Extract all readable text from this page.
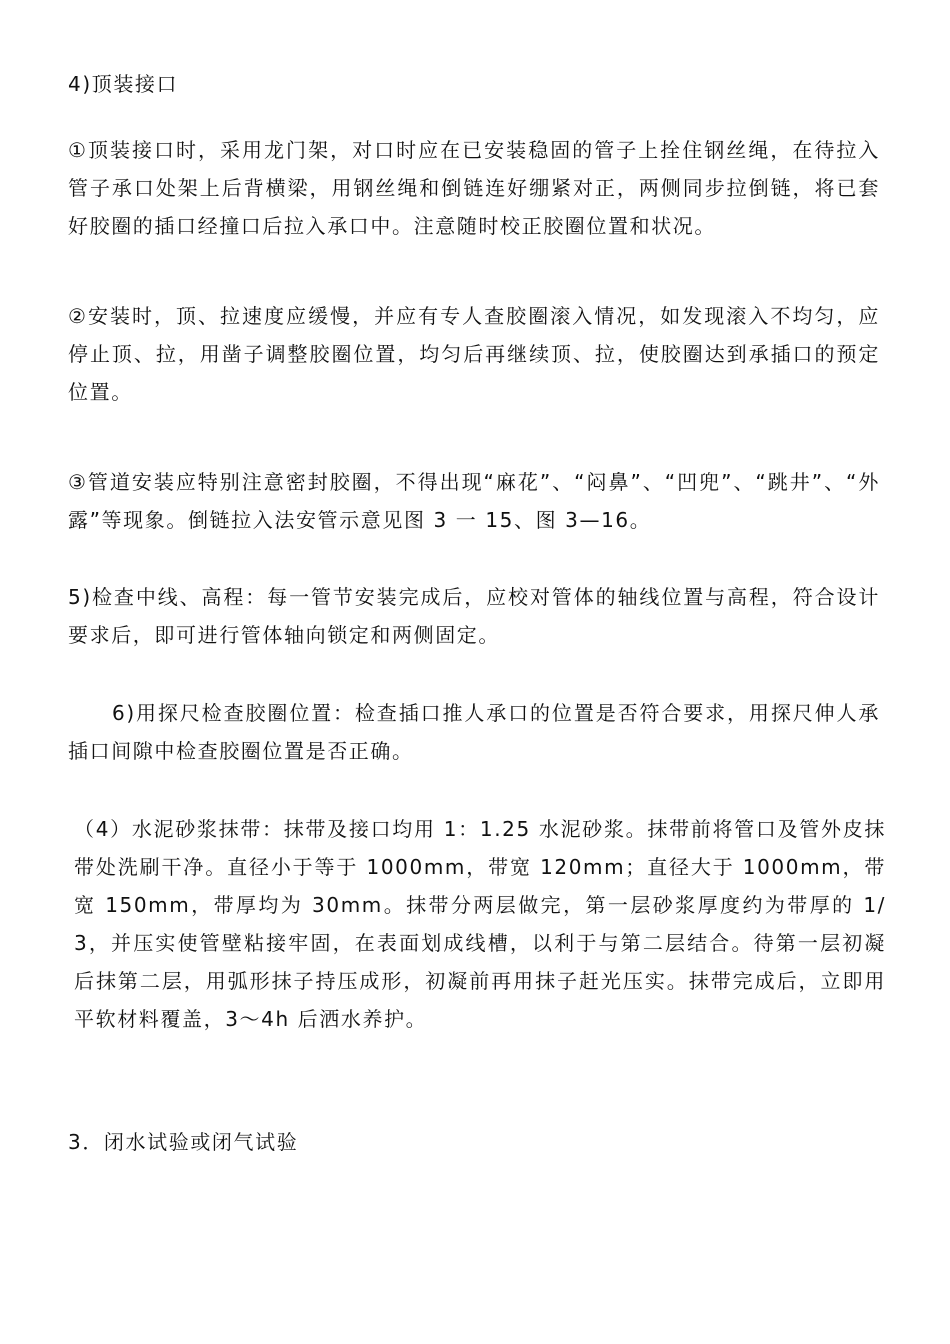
4)顶装接口

①顶装接口时，采用龙门架，对口时应在已安装稳固的管子上拴住钢丝绳，在待拉入管子承口处架上后背横梁，用钢丝绳和倒链连好绷紧对正，两侧同步拉倒链，将已套好胶圈的插口经撞口后拉入承口中。注意随时校正胶圈位置和状况。

②安装时，顶、拉速度应缓慢，并应有专人查胶圈滚入情况，如发现滚入不均匀，应停止顶、拉，用凿子调整胶圈位置，均匀后再继续顶、拉，使胶圈达到承插口的预定位置。

③管道安装应特别注意密封胶圈，不得出现“麻花”、“闷鼻”、“凹兜”、“跳井”、“外露”等现象。倒链拉入法安管示意见图 3 一 15、图 3—16。

5)检查中线、高程：每一管节安装完成后，应校对管体的轴线位置与高程，符合设计要求后，即可进行管体轴向锁定和两侧固定。

6)用探尺检查胶圈位置：检查插口推人承口的位置是否符合要求，用探尺伸人承插口间隙中检查胶圈位置是否正确。

（4）水泥砂浆抹带：抹带及接口均用 1：1.25 水泥砂浆。抹带前将管口及管外皮抹带处洗刷干净。直径小于等于 1000mm，带宽 120mm；直径大于 1000mm，带宽 150mm，带厚均为 30mm。抹带分两层做完，第一层砂浆厚度约为带厚的 1/3，并压实使管壁粘接牢固，在表面划成线槽，以利于与第二层结合。待第一层初凝后抹第二层，用弧形抹子持压成形，初凝前再用抹子赶光压实。抹带完成后，立即用平软材料覆盖，3～4h 后洒水养护。

3．闭水试验或闭气试验
